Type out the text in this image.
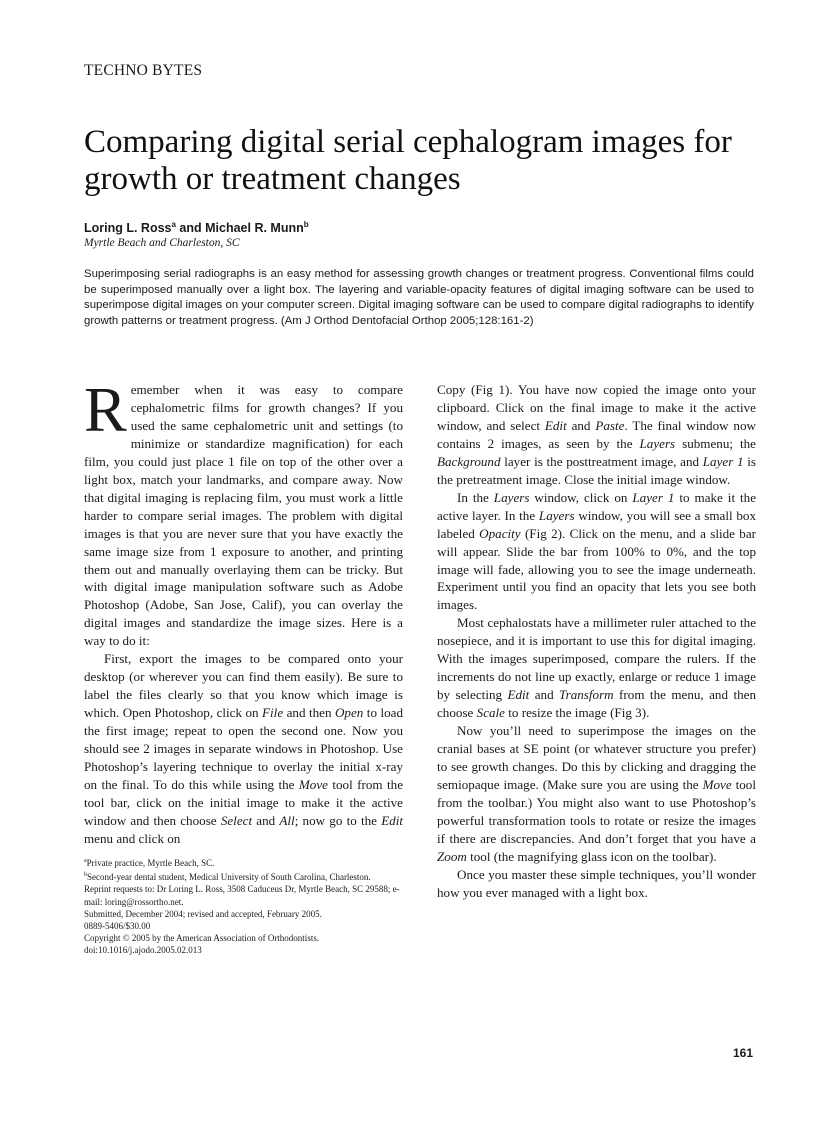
TECHNO BYTES
Comparing digital serial cephalogram images for growth or treatment changes
Loring L. Ross$^a$ and Michael R. Munn$^b$
Myrtle Beach and Charleston, SC

Superimposing serial radiographs is an easy method for assessing growth changes or treatment progress. Conventional films could be superimposed manually over a light box. The layering and variable-opacity features of digital imaging software can be used to superimpose digital images on your computer screen. Digital imaging software can be used to compare digital radiographs to identify growth patterns or treatment progress. (Am J Orthod Dentofacial Orthop 2005;128:161-2)

Remember when it was easy to compare cephalometric films for growth changes? If you used the same cephalometric unit and settings (to minimize or standardize magnification) for each film, you could just place 1 file on top of the other over a light box, match your landmarks, and compare away. Now that digital imaging is replacing film, you must work a little harder to compare serial images. The problem with digital images is that you are never sure that you have exactly the same image size from 1 exposure to another, and printing them out and manually overlaying them can be tricky. But with digital image manipulation software such as Adobe Photoshop (Adobe, San Jose, Calif), you can overlay the digital images and standardize the image sizes. Here is a way to do it:

First, export the images to be compared onto your desktop (or wherever you can find them easily). Be sure to label the files clearly so that you know which image is which. Open Photoshop, click on File and then Open to load the first image; repeat to open the second one. Now you should see 2 images in separate windows in Photoshop. Use Photoshop’s layering technique to overlay the initial x-ray on the final. To do this while using the Move tool from the tool bar, click on the initial image to make it the active window and then choose Select and All; now go to the Edit menu and click on

Copy (Fig 1). You have now copied the image onto your clipboard. Click on the final image to make it the active window, and select Edit and Paste. The final window now contains 2 images, as seen by the Layers submenu; the Background layer is the posttreatment image, and Layer 1 is the pretreatment image. Close the initial image window.

In the Layers window, click on Layer 1 to make it the active layer. In the Layers window, you will see a small box labeled Opacity (Fig 2). Click on the menu, and a slide bar will appear. Slide the bar from 100% to 0%, and the top image will fade, allowing you to see the image underneath. Experiment until you find an opacity that lets you see both images.

Most cephalostats have a millimeter ruler attached to the nosepiece, and it is important to use this for digital imaging. With the images superimposed, compare the rulers. If the increments do not line up exactly, enlarge or reduce 1 image by selecting Edit and Transform from the menu, and then choose Scale to resize the image (Fig 3).

Now you’ll need to superimpose the images on the cranial bases at SE point (or whatever structure you prefer) to see growth changes. Do this by clicking and dragging the semiopaque image. (Make sure you are using the Move tool from the toolbar.) You might also want to use Photoshop’s powerful transformation tools to rotate or resize the images if there are discrepancies. And don’t forget that you have a Zoom tool (the magnifying glass icon on the toolbar).

Once you master these simple techniques, you’ll wonder how you ever managed with a light box.

$^a$Private practice, Myrtle Beach, SC.

$^b$Second-year dental student, Medical University of South Carolina, Charleston.

Reprint requests to: Dr Loring L. Ross, 3508 Caduceus Dr, Myrtle Beach, SC 29588; e-mail: loring@rossortho.net.

Submitted, December 2004; revised and accepted, February 2005.

0889-5406/$30.00

Copyright © 2005 by the American Association of Orthodontists.

doi:10.1016/j.ajodo.2005.02.013

161
